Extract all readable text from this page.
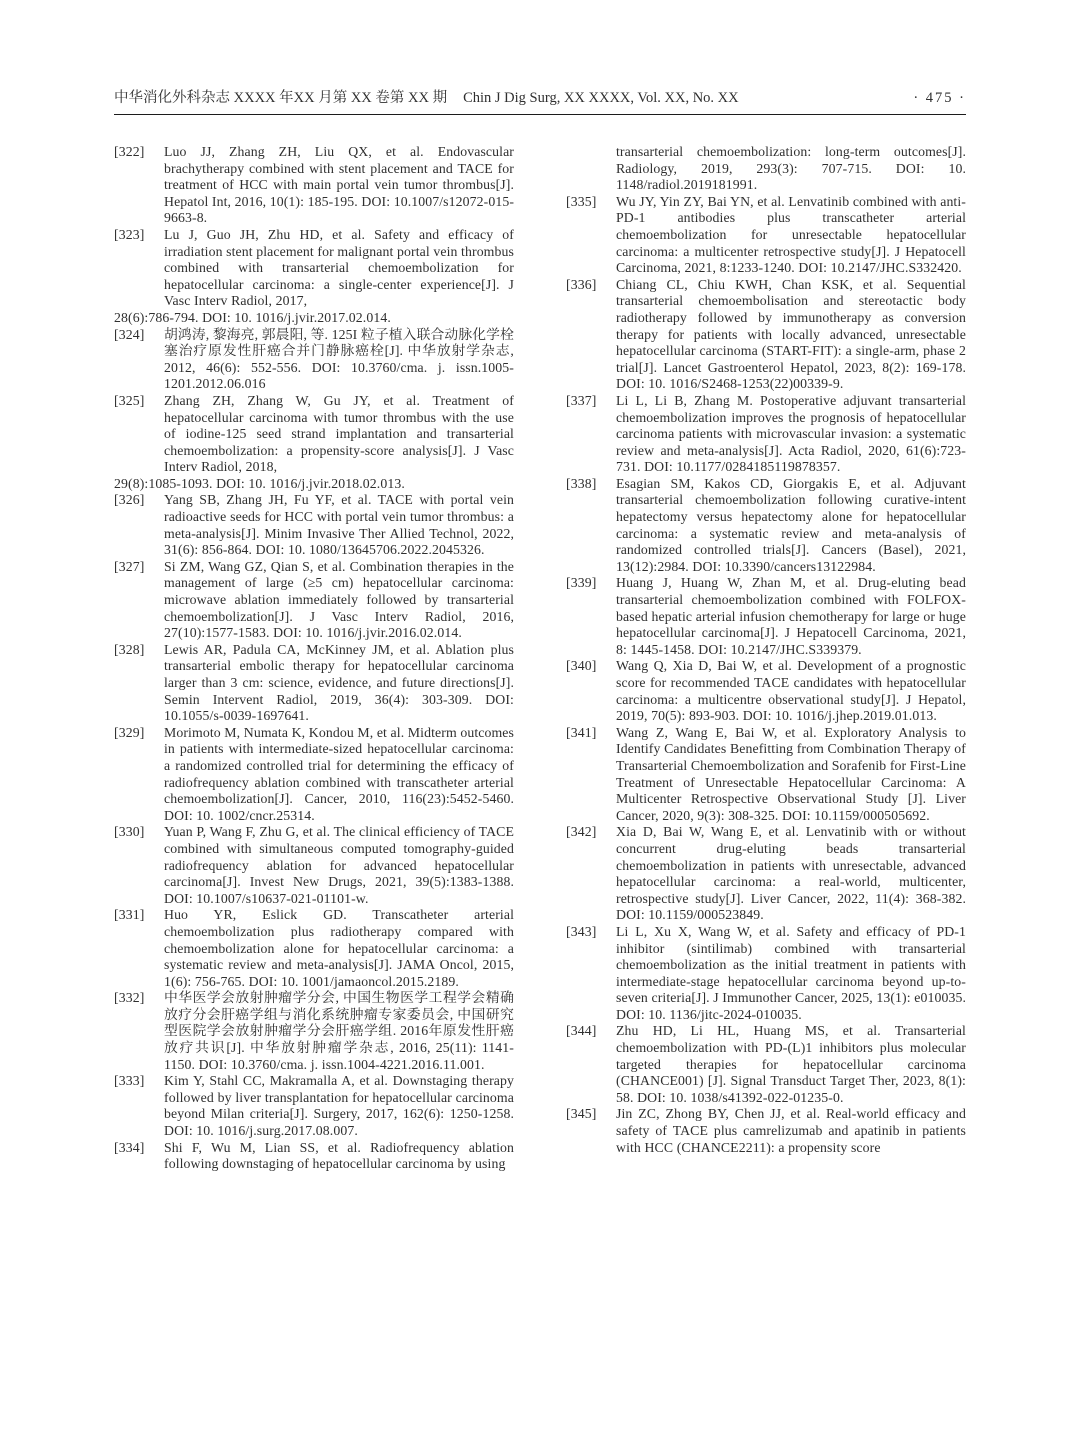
中华消化外科杂志 XXXX 年XX 月第 XX 卷第 XX 期 Chin J Dig Surg, XX XXXX, Vol. XX, No. XX	· 475 ·
[322] Luo JJ, Zhang ZH, Liu QX, et al. Endovascular brachytherapy combined with stent placement and TACE for treatment of HCC with main portal vein tumor thrombus[J]. Hepatol Int, 2016, 10(1): 185-195. DOI: 10.1007/s12072-015-9663-8.
[323] Lu J, Guo JH, Zhu HD, et al. Safety and efficacy of irradiation stent placement for malignant portal vein thrombus combined with transarterial chemoembolization for hepatocellular carcinoma: a single-center experience[J]. J Vasc Interv Radiol, 2017,
28(6):786-794. DOI: 10. 1016/j.jvir.2017.02.014.
[324] 胡鸿涛, 黎海亮, 郭晨阳, 等. 125I 粒子植入联合动脉化学栓塞治疗原发性肝癌合并门静脉癌栓[J]. 中华放射学杂志, 2012, 46(6): 552-556. DOI: 10.3760/cma. j. issn.1005-1201.2012.06.016
[325] Zhang ZH, Zhang W, Gu JY, et al. Treatment of hepatocellular carcinoma with tumor thrombus with the use of iodine-125 seed strand implantation and transarterial chemoembolization: a propensity-score analysis[J]. J Vasc Interv Radiol, 2018,
29(8):1085-1093. DOI: 10. 1016/j.jvir.2018.02.013.
[326] Yang SB, Zhang JH, Fu YF, et al. TACE with portal vein radioactive seeds for HCC with portal vein tumor thrombus: a meta-analysis[J]. Minim Invasive Ther Allied Technol, 2022, 31(6): 856-864. DOI: 10. 1080/13645706.2022.2045326.
[327] Si ZM, Wang GZ, Qian S, et al. Combination therapies in the management of large (≥5 cm) hepatocellular carcinoma: microwave ablation immediately followed by transarterial chemoembolization[J]. J Vasc Interv Radiol, 2016, 27(10):1577-1583. DOI: 10. 1016/j.jvir.2016.02.014.
[328] Lewis AR, Padula CA, McKinney JM, et al. Ablation plus transarterial embolic therapy for hepatocellular carcinoma larger than 3 cm: science, evidence, and future directions[J]. Semin Intervent Radiol, 2019, 36(4): 303-309. DOI: 10.1055/s-0039-1697641.
[329] Morimoto M, Numata K, Kondou M, et al. Midterm outcomes in patients with intermediate-sized hepatocellular carcinoma: a randomized controlled trial for determining the efficacy of radiofrequency ablation combined with transcatheter arterial chemoembolization[J]. Cancer, 2010, 116(23):5452-5460. DOI: 10. 1002/cncr.25314.
[330] Yuan P, Wang F, Zhu G, et al. The clinical efficiency of TACE combined with simultaneous computed tomography-guided radiofrequency ablation for advanced hepatocellular carcinoma[J]. Invest New Drugs, 2021, 39(5):1383-1388. DOI: 10.1007/s10637-021-01101-w.
[331] Huo YR, Eslick GD. Transcatheter arterial chemoembolization plus radiotherapy compared with chemoembolization alone for hepatocellular carcinoma: a systematic review and meta-analysis[J]. JAMA Oncol, 2015, 1(6): 756-765. DOI: 10. 1001/jamaoncol.2015.2189.
[332] 中华医学会放射肿瘤学分会, 中国生物医学工程学会精确放疗分会肝癌学组与消化系统肿瘤专家委员会, 中国研究型医院学会放射肿瘤学分会肝癌学组. 2016年原发性肝癌放疗共识[J]. 中华放射肿瘤学杂志, 2016, 25(11): 1141-1150. DOI: 10.3760/cma. j. issn.1004-4221.2016.11.001.
[333] Kim Y, Stahl CC, Makramalla A, et al. Downstaging therapy followed by liver transplantation for hepatocellular carcinoma beyond Milan criteria[J]. Surgery, 2017, 162(6): 1250-1258. DOI: 10. 1016/j.surg.2017.08.007.
[334] Shi F, Wu M, Lian SS, et al. Radiofrequency ablation following downstaging of hepatocellular carcinoma by using
transarterial chemoembolization: long-term outcomes[J]. Radiology, 2019, 293(3): 707-715. DOI: 10. 1148/radiol.2019181991.
[335] Wu JY, Yin ZY, Bai YN, et al. Lenvatinib combined with anti-PD-1 antibodies plus transcatheter arterial chemoembolization for unresectable hepatocellular carcinoma: a multicenter retrospective study[J]. J Hepatocell Carcinoma, 2021, 8:1233-1240. DOI: 10.2147/JHC.S332420.
[336] Chiang CL, Chiu KWH, Chan KSK, et al. Sequential transarterial chemoembolisation and stereotactic body radiotherapy followed by immunotherapy as conversion therapy for patients with locally advanced, unresectable hepatocellular carcinoma (START-FIT): a single-arm, phase 2 trial[J]. Lancet Gastroenterol Hepatol, 2023, 8(2): 169-178. DOI: 10. 1016/S2468-1253(22)00339-9.
[337] Li L, Li B, Zhang M. Postoperative adjuvant transarterial chemoembolization improves the prognosis of hepatocellular carcinoma patients with microvascular invasion: a systematic review and meta-analysis[J]. Acta Radiol, 2020, 61(6):723-731. DOI: 10.1177/0284185119878357.
[338] Esagian SM, Kakos CD, Giorgakis E, et al. Adjuvant transarterial chemoembolization following curative-intent hepatectomy versus hepatectomy alone for hepatocellular carcinoma: a systematic review and meta-analysis of randomized controlled trials[J]. Cancers (Basel), 2021, 13(12):2984. DOI: 10.3390/cancers13122984.
[339] Huang J, Huang W, Zhan M, et al. Drug-eluting bead transarterial chemoembolization combined with FOLFOX-based hepatic arterial infusion chemotherapy for large or huge hepatocellular carcinoma[J]. J Hepatocell Carcinoma, 2021, 8: 1445-1458. DOI: 10.2147/JHC.S339379.
[340] Wang Q, Xia D, Bai W, et al. Development of a prognostic score for recommended TACE candidates with hepatocellular carcinoma: a multicentre observational study[J]. J Hepatol, 2019, 70(5): 893-903. DOI: 10. 1016/j.jhep.2019.01.013.
[341] Wang Z, Wang E, Bai W, et al. Exploratory Analysis to Identify Candidates Benefitting from Combination Therapy of Transarterial Chemoembolization and Sorafenib for First-Line Treatment of Unresectable Hepatocellular Carcinoma: A Multicenter Retrospective Observational Study [J]. Liver Cancer, 2020, 9(3): 308-325. DOI: 10.1159/000505692.
[342] Xia D, Bai W, Wang E, et al. Lenvatinib with or without concurrent drug-eluting beads transarterial chemoembolization in patients with unresectable, advanced hepatocellular carcinoma: a real-world, multicenter, retrospective study[J]. Liver Cancer, 2022, 11(4): 368-382. DOI: 10.1159/000523849.
[343] Li L, Xu X, Wang W, et al. Safety and efficacy of PD-1 inhibitor (sintilimab) combined with transarterial chemoembolization as the initial treatment in patients with intermediate-stage hepatocellular carcinoma beyond up-to-seven criteria[J]. J Immunother Cancer, 2025, 13(1): e010035. DOI: 10. 1136/jitc-2024-010035.
[344] Zhu HD, Li HL, Huang MS, et al. Transarterial chemoembolization with PD-(L)1 inhibitors plus molecular targeted therapies for hepatocellular carcinoma (CHANCE001) [J]. Signal Transduct Target Ther, 2023, 8(1): 58. DOI: 10. 1038/s41392-022-01235-0.
[345] Jin ZC, Zhong BY, Chen JJ, et al. Real-world efficacy and safety of TACE plus camrelizumab and apatinib in patients with HCC (CHANCE2211): a propensity score
